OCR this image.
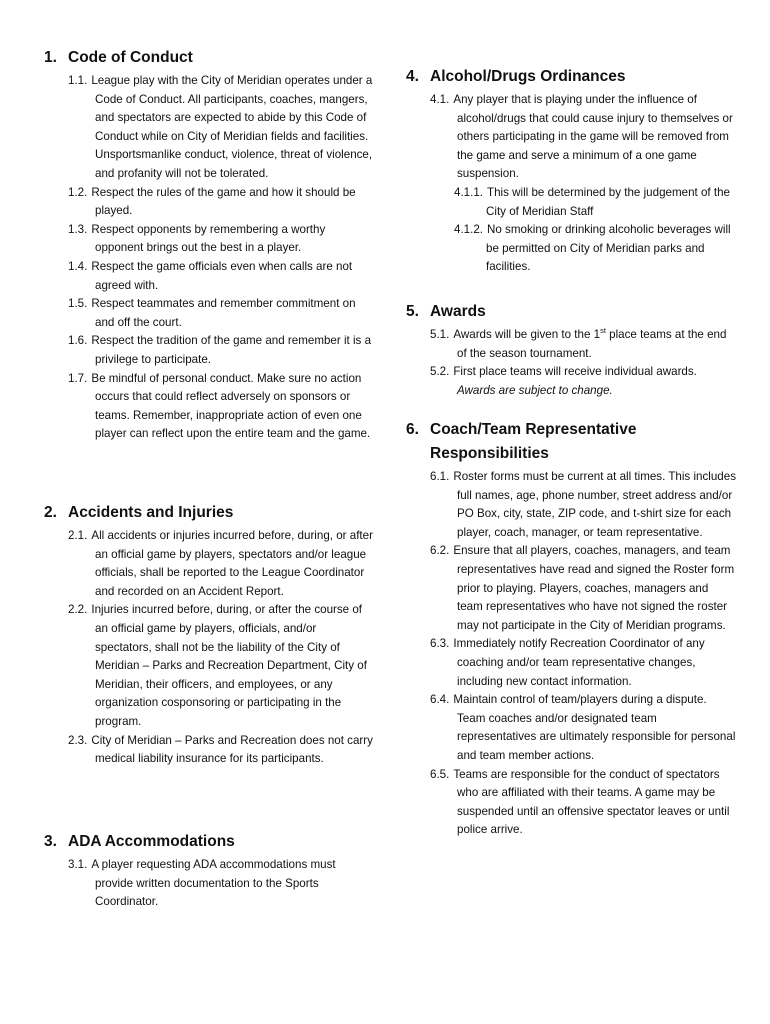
1. Code of Conduct
1.1. League play with the City of Meridian operates under a Code of Conduct. All participants, coaches, mangers, and spectators are expected to abide by this Code of Conduct while on City of Meridian fields and facilities. Unsportsmanlike conduct, violence, threat of violence, and profanity will not be tolerated.
1.2. Respect the rules of the game and how it should be played.
1.3. Respect opponents by remembering a worthy opponent brings out the best in a player.
1.4. Respect the game officials even when calls are not agreed with.
1.5. Respect teammates and remember commitment on and off the court.
1.6. Respect the tradition of the game and remember it is a privilege to participate.
1.7. Be mindful of personal conduct. Make sure no action occurs that could reflect adversely on sponsors or teams. Remember, inappropriate action of even one player can reflect upon the entire team and the game.
2. Accidents and Injuries
2.1. All accidents or injuries incurred before, during, or after an official game by players, spectators and/or league officials, shall be reported to the League Coordinator and recorded on an Accident Report.
2.2. Injuries incurred before, during, or after the course of an official game by players, officials, and/or spectators, shall not be the liability of the City of Meridian – Parks and Recreation Department, City of Meridian, their officers, and employees, or any organization cosponsoring or participating in the program.
2.3. City of Meridian – Parks and Recreation does not carry medical liability insurance for its participants.
3. ADA Accommodations
3.1. A player requesting ADA accommodations must provide written documentation to the Sports Coordinator.
4. Alcohol/Drugs Ordinances
4.1. Any player that is playing under the influence of alcohol/drugs that could cause injury to themselves or others participating in the game will be removed from the game and serve a minimum of a one game suspension.
4.1.1. This will be determined by the judgement of the City of Meridian Staff
4.1.2. No smoking or drinking alcoholic beverages will be permitted on City of Meridian parks and facilities.
5. Awards
5.1. Awards will be given to the 1st place teams at the end of the season tournament.
5.2. First place teams will receive individual awards. Awards are subject to change.
6. Coach/Team Representative
Responsibilities
6.1. Roster forms must be current at all times. This includes full names, age, phone number, street address and/or PO Box, city, state, ZIP code, and t-shirt size for each player, coach, manager, or team representative.
6.2. Ensure that all players, coaches, managers, and team representatives have read and signed the Roster form prior to playing. Players, coaches, managers and team representatives who have not signed the roster may not participate in the City of Meridian programs.
6.3. Immediately notify Recreation Coordinator of any coaching and/or team representative changes, including new contact information.
6.4. Maintain control of team/players during a dispute. Team coaches and/or designated team representatives are ultimately responsible for personal and team member actions.
6.5. Teams are responsible for the conduct of spectators who are affiliated with their teams. A game may be suspended until an offensive spectator leaves or until police arrive.
